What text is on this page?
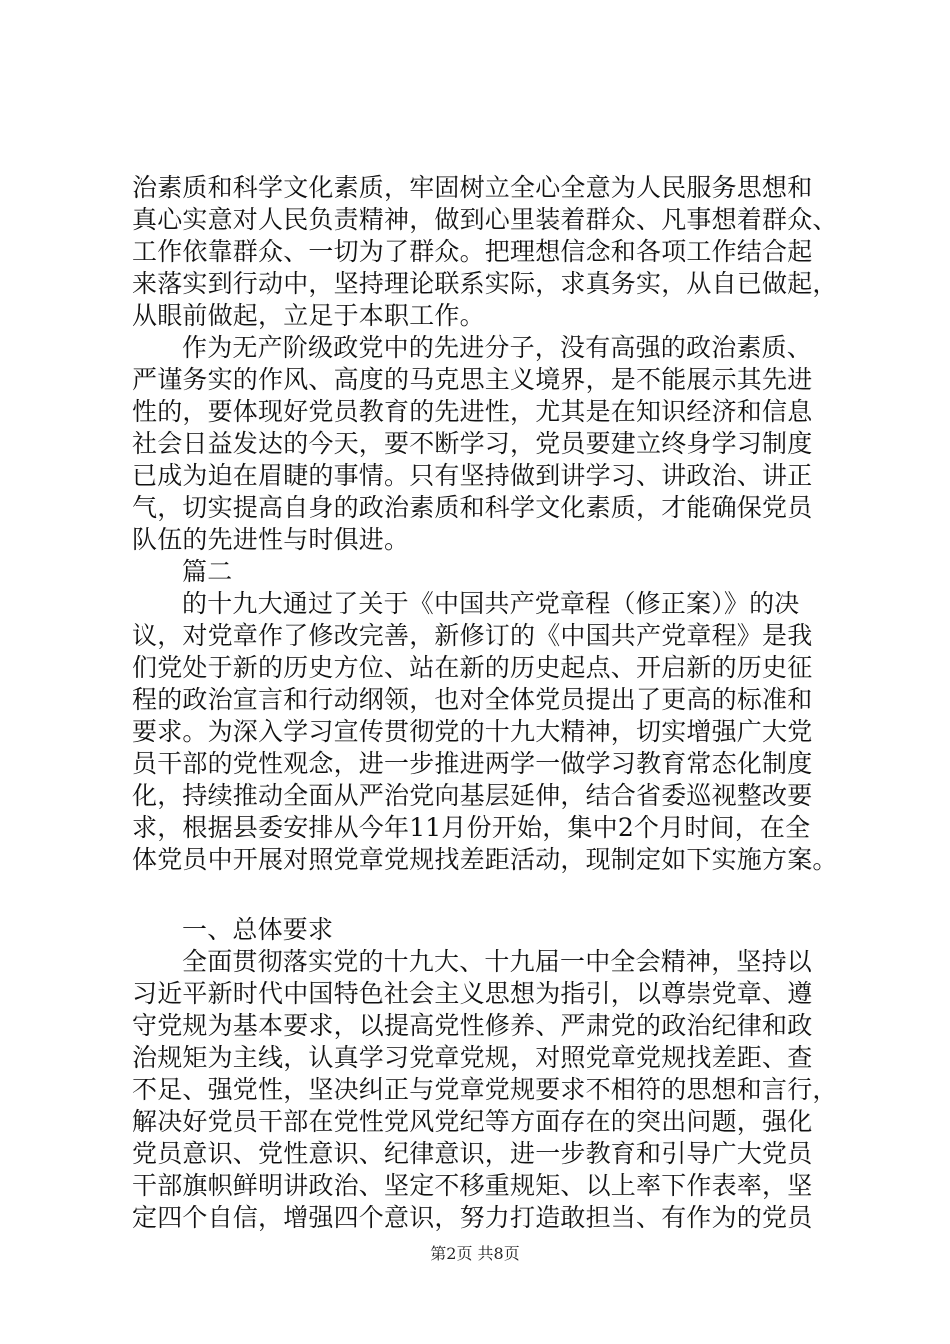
治素质和科学文化素质，牢固树立全心全意为人民服务思想和
真心实意对人民负责精神，做到心里装着群众、凡事想着群众、
工作依靠群众、一切为了群众。把理想信念和各项工作结合起
来落实到行动中，坚持理论联系实际，求真务实，从自已做起，
从眼前做起，立足于本职工作。
作为无产阶级政党中的先进分子，没有高强的政治素质、
严谨务实的作风、高度的马克思主义境界，是不能展示其先进
性的，要体现好党员教育的先进性，尤其是在知识经济和信息
社会日益发达的今天，要不断学习，党员要建立终身学习制度
已成为迫在眉睫的事情。只有坚持做到讲学习、讲政治、讲正
气，切实提高自身的政治素质和科学文化素质，才能确保党员
队伍的先进性与时俱进。
篇二
的十九大通过了关于《中国共产党章程（修正案）》的决
议，对党章作了修改完善，新修订的《中国共产党章程》是我
们党处于新的历史方位、站在新的历史起点、开启新的历史征
程的政治宣言和行动纲领，也对全体党员提出了更高的标准和
要求。为深入学习宣传贯彻党的十九大精神，切实增强广大党
员干部的党性观念，进一步推进两学一做学习教育常态化制度
化，持续推动全面从严治党向基层延伸，结合省委巡视整改要
求，根据县委安排从今年11月份开始，集中2个月时间，在全
体党员中开展对照党章党规找差距活动，现制定如下实施方案。
一、总体要求
全面贯彻落实党的十九大、十九届一中全会精神，坚持以
习近平新时代中国特色社会主义思想为指引，以尊崇党章、遵
守党规为基本要求，以提高党性修养、严肃党的政治纪律和政
治规矩为主线，认真学习党章党规，对照党章党规找差距、查
不足、强党性，坚决纠正与党章党规要求不相符的思想和言行，
解决好党员干部在党性党风党纪等方面存在的突出问题，强化
党员意识、党性意识、纪律意识，进一步教育和引导广大党员
干部旗帜鲜明讲政治、坚定不移重规矩、以上率下作表率，坚
定四个自信，增强四个意识，努力打造敢担当、有作为的党员
第2页 共8页
